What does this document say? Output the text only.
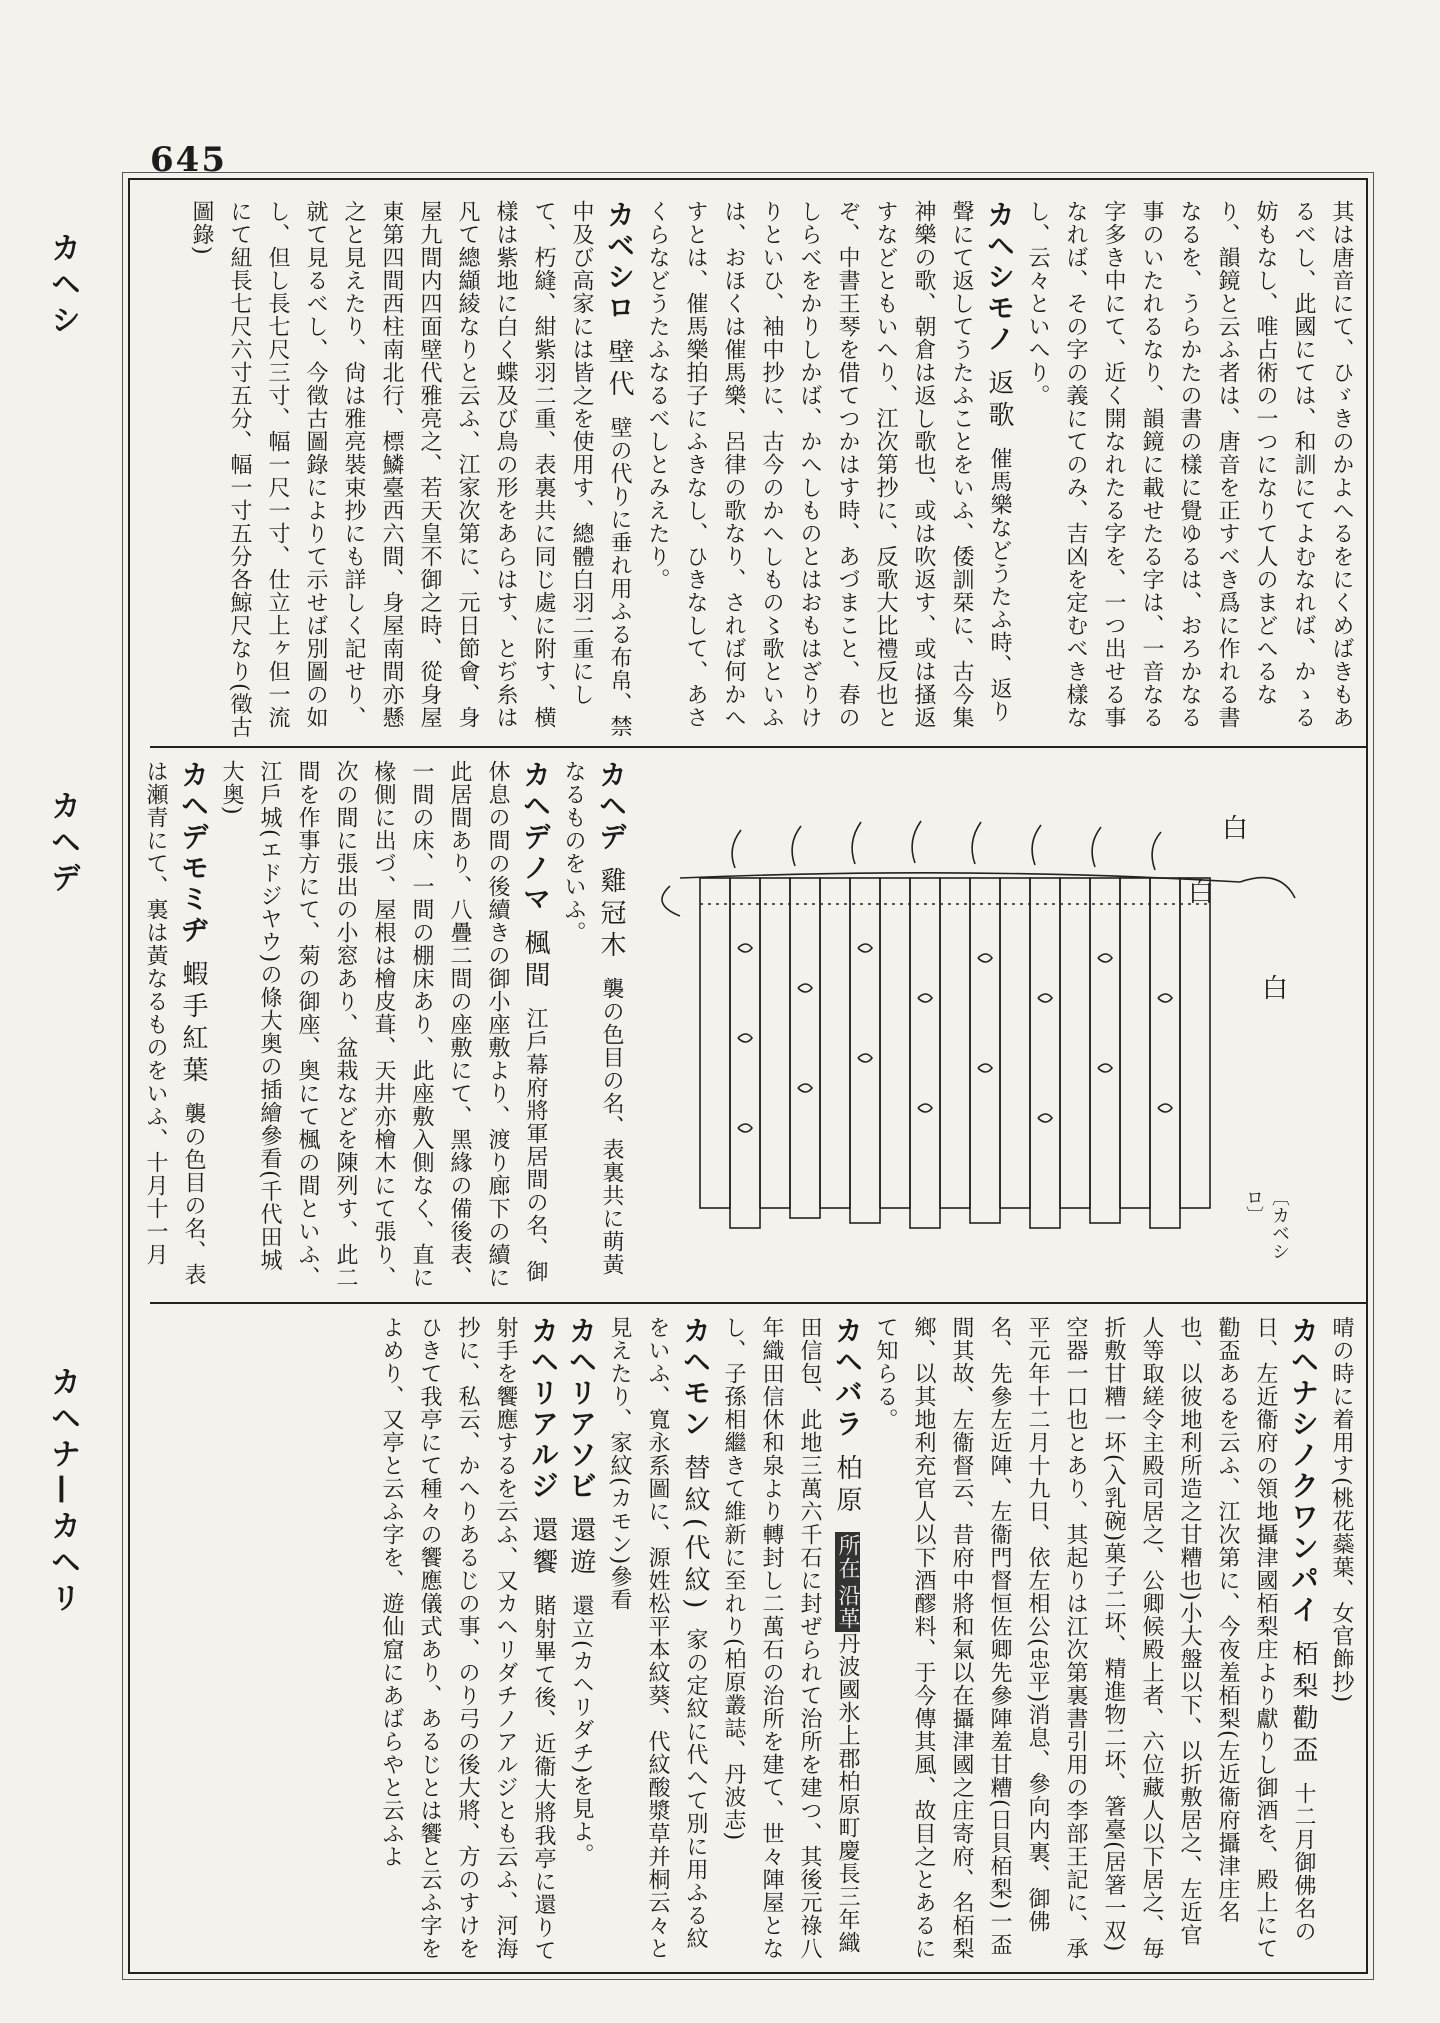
645
カヘシ
カヘデ
カヘナ—カヘリ
其は唐音にて、ひゞきのかよへるをにくめばきもあるべし、此國にては、和訓にてよむなれば、かゝる妨もなし、唯占術の一つになりて人のまどへるなり、韻鏡と云ふ者は、唐音を正すべき爲に作れる書なるを、うらかたの書の樣に覺ゆるは、おろかなる事のいたれるなり、韻鏡に載せたる字は、一音なる字多き中にて、近く開なれたる字を、一つ出せる事なれば、その字の義にてのみ、吉凶を定むべき樣なし、云々といへり。
カヘシモノ返歌催馬樂などうたふ時、返り聲にて返してうたふことをいふ、倭訓栞に、古今集神樂の歌、朝倉は返し歌也、或は吹返す、或は搔返すなどともいへり、江次第抄に、反歌大比禮反也とぞ、中書王琴を借てつかはす時、あづまこと、春のしらべをかりしかば、かへしものとはおもはざりけりといひ、袖中抄に、古今のかへしもの〻歌といふは、おほくは催馬樂、呂律の歌なり、されば何かへすとは、催馬樂拍子にふきなし、ひきなして、あさくらなどうたふなるべしとみえたり。
カベシロ壁代壁の代りに垂れ用ふる布帛、禁中及び高家には皆之を使用す、總體白羽二重にして、朽縫、紺紫羽二重、表裏共に同じ處に附す、横樣は紫地に白く蝶及び鳥の形をあらはす、とぢ糸は凡て總纈綾なりと云ふ、江家次第に、元日節會、身屋九間内四面壁代雅亮之、若天皇不御之時、從身屋東第四間西柱南北行、標鱗臺西六間、身屋南間亦懸之と見えたり、尙は雅亮裝束抄にも詳しく記せり、就て見るべし、今徵古圖錄によりて示せば別圖の如し、但し長七尺三寸、幅一尺一寸、仕立上ヶ但一流にて紐長七尺六寸五分、幅一寸五分各鯨尺なり(徵古圖錄)
カヘデ雞冠木襲の色目の名、表裏共に萌黃なるものをいふ。
カヘデノマ楓間江戶幕府將軍居間の名、御休息の間の後續きの御小座敷より、渡り廊下の續に此居間あり、八疊二間の座敷にて、黑緣の備後表、一間の床、一間の棚床あり、此座敷入側なく、直に椽側に出づ、屋根は檜皮葺、天井亦檜木にて張り、次の間に張出の小窓あり、盆栽などを陳列す、此二間を作事方にて、菊の御座、奥にて楓の間といふ、江戶城(エドジヤウ)の條大奥の插繪參看(千代田城大奥)
カヘデモミヂ蝦手紅葉襲の色目の名、表は瀬青にて、裏は黃なるものをいふ、十月十一月	白
白
白
〔カベシロ〕
晴の時に着用す(桃花蘂葉、女官飾抄)
カヘナシノクワンパイ栢梨勸盃十二月御佛名の日、左近衞府の領地攝津國栢梨庄より獻りし御酒を、殿上にて勸盃あるを云ふ、江次第に、今夜羞栢梨(左近衞府攝津庄名也、以彼地利所造之甘糟也)小大盤以下、以折敷居之、左近官人等取縒令主殿司居之、公卿候殿上者、六位藏人以下居之、毎折敷甘糟一坏(入乳碗)菓子二坏、精進物二坏、箸臺(居箸一双)空器一口也とあり、其起りは江次第裏書引用の李部王記に、承平元年十二月十九日、依左相公(忠平)消息、參向内裏、御佛名、先參左近陣、左衞門督恒佐卿先參陣羞甘糟(日貝栢梨)一盃間其故、左衞督云、昔府中將和氣以在攝津國之庄寄府、名栢梨鄉、以其地利充官人以下酒醪料、于今傳其風、故目之とあるにて知らる。
カヘバラ柏原所在沿革丹波國氷上郡柏原町慶長三年織田信包、此地三萬六千石に封ぜられて治所を建つ、其後元祿八年織田信休和泉より轉封し二萬石の治所を建て、世々陣屋となし、子孫相繼きて維新に至れり(柏原叢誌、丹波志)
カヘモン替紋(代紋)家の定紋に代へて別に用ふる紋をいふ、寬永系圖に、源姓松平本紋葵、代紋酸漿草并桐云々と見えたり、家紋(カモン)參看
カヘリアソビ還遊還立(カヘリダチ)を見よ。
カヘリアルジ還饗賭射畢て後、近衞大將我亭に還りて射手を饗應するを云ふ、又カヘリダチノアルジとも云ふ、河海抄に、私云、かへりあるじの事、のり弓の後大將、方のすけをひきて我亭にて種々の饗應儀式あり、あるじとは饗と云ふ字をよめり、又亭と云ふ字を、遊仙窟にあばらやと云ふよ
